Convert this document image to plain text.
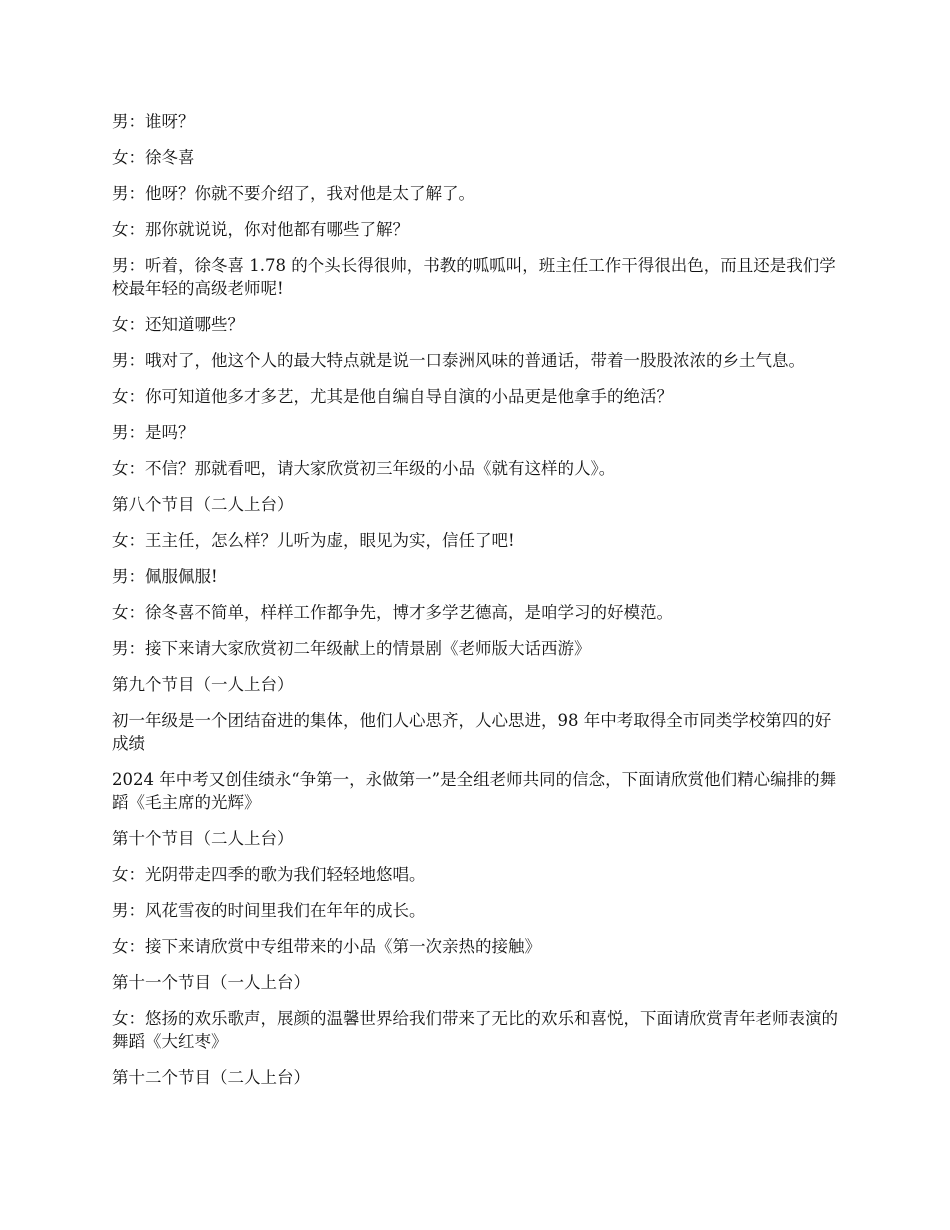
男：谁呀？

女：徐冬喜

男：他呀？你就不要介绍了，我对他是太了解了。

女：那你就说说，你对他都有哪些了解？

男：听着，徐冬喜 1.78 的个头长得很帅，书教的呱呱叫，班主任工作干得很出色，而且还是我们学校最年轻的高级老师呢!

女：还知道哪些？

男：哦对了，他这个人的最大特点就是说一口泰洲风味的普通话，带着一股股浓浓的乡土气息。

女：你可知道他多才多艺，尤其是他自编自导自演的小品更是他拿手的绝活？

男：是吗？

女：不信？那就看吧，请大家欣赏初三年级的小品《就有这样的人》。

第八个节目（二人上台）

女：王主任，怎么样？儿听为虚，眼见为实，信任了吧!

男：佩服佩服!

女：徐冬喜不简单，样样工作都争先，博才多学艺德高，是咱学习的好模范。

男：接下来请大家欣赏初二年级献上的情景剧《老师版大话西游》

第九个节目（一人上台）

初一年级是一个团结奋进的集体，他们人心思齐，人心思进，98 年中考取得全市同类学校第四的好成绩

2024 年中考又创佳绩永“争第一，永做第一”是全组老师共同的信念，下面请欣赏他们精心编排的舞蹈《毛主席的光辉》

第十个节目（二人上台）

女：光阴带走四季的歌为我们轻轻地悠唱。

男：风花雪夜的时间里我们在年年的成长。

女：接下来请欣赏中专组带来的小品《第一次亲热的接触》

第十一个节目（一人上台）

女：悠扬的欢乐歌声，展颜的温馨世界给我们带来了无比的欢乐和喜悦，下面请欣赏青年老师表演的舞蹈《大红枣》

第十二个节目（二人上台）
